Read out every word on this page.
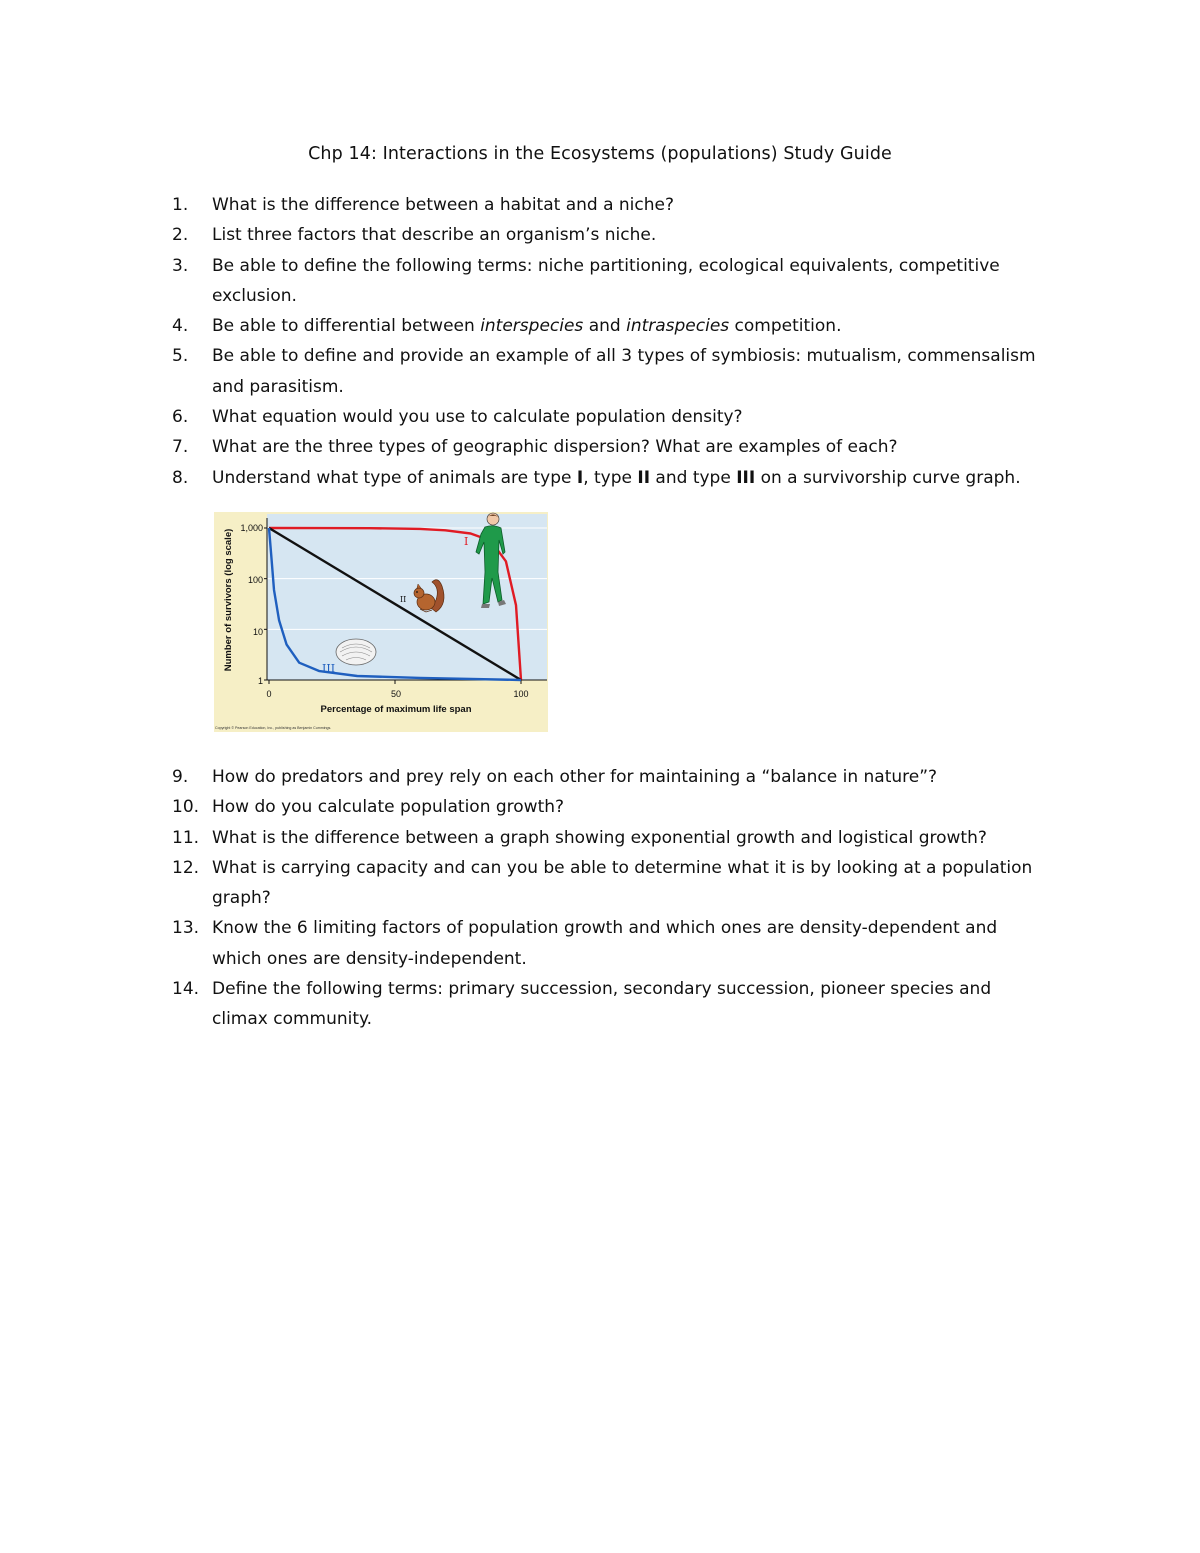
Chp 14: Interactions in the Ecosystems (populations) Study Guide
1. What is the difference between a habitat and a niche?
2. List three factors that describe an organism’s niche.
3. Be able to define the following terms: niche partitioning, ecological equivalents, competitive
exclusion.
4. Be able to differential between interspecies and intraspecies competition.
5. Be able to define and provide an example of all 3 types of symbiosis: mutualism, commensalism
and parasitism.
6. What equation would you use to calculate population density?
7. What are the three types of geographic dispersion? What are examples of each?
8. Understand what type of animals are type I, type II and type III on a survivorship curve graph.
1,000
100
10
1
0	50	100
Percentage of maximum life span
Number of survivors (log scale)
Copyright © Pearson Education, Inc., publishing as Benjamin Cummings.
I
II
III
9. How do predators and prey rely on each other for maintaining a “balance in nature”?
10. How do you calculate population growth?
11. What is the difference between a graph showing exponential growth and logistical growth?
12. What is carrying capacity and can you be able to determine what it is by looking at a population
graph?
13. Know the 6 limiting factors of population growth and which ones are density-dependent and
which ones are density-independent.
14. Define the following terms: primary succession, secondary succession, pioneer species and
climax community.
